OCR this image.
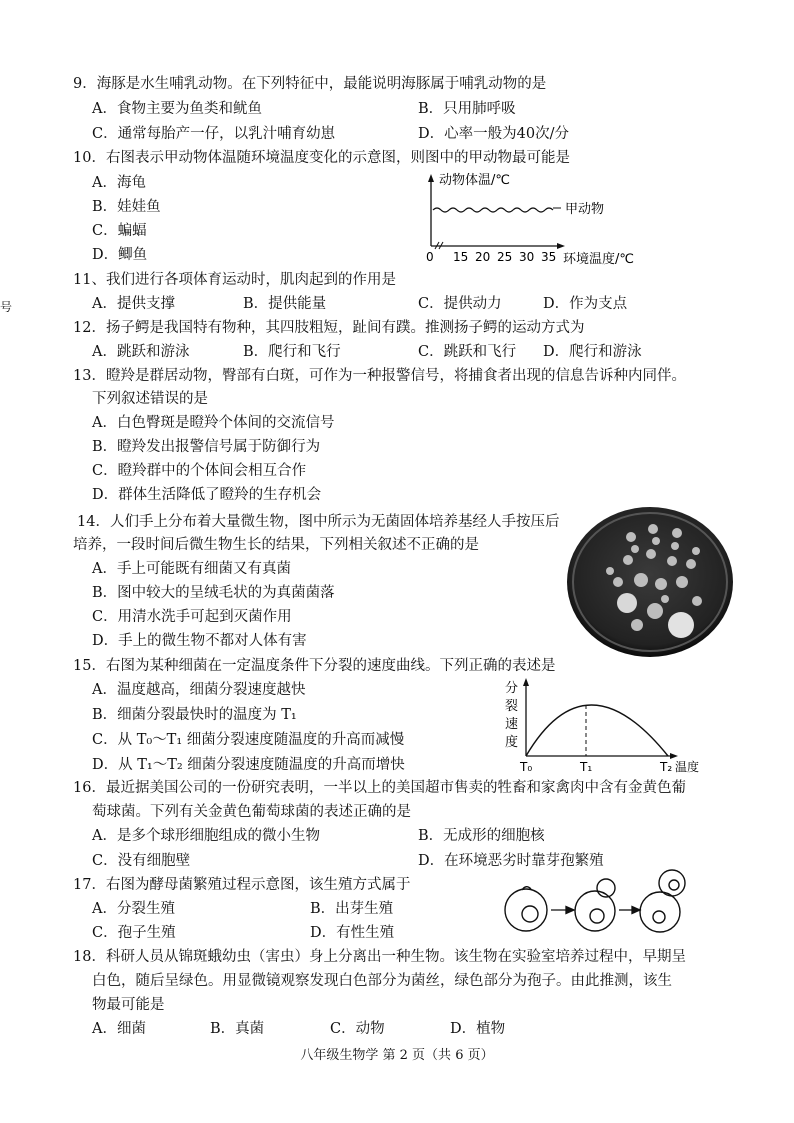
号
9．海豚是水生哺乳动物。在下列特征中，最能说明海豚属于哺乳动物的是
A．食物主要为鱼类和鱿鱼	B．只用肺呼吸
C．通常每胎产一仔，以乳汁哺育幼崽	D．心率一般为40次/分
10．右图表示甲动物体温随环境温度变化的示意图，则图中的甲动物最可能是
A．海龟
B．娃娃鱼
C．蝙蝠
D．鲫鱼
甲动物
动物体温/℃
0 15 20 25 30 35 环境温度/℃
11、我们进行各项体育运动时，肌肉起到的作用是
A．提供支撑	B．提供能量	C．提供动力	D．作为支点
12．扬子鳄是我国特有物种，其四肢粗短，趾间有蹼。推测扬子鳄的运动方式为
A．跳跃和游泳	B．爬行和飞行	C．跳跃和飞行 D．爬行和游泳
13．瞪羚是群居动物，臀部有白斑，可作为一种报警信号，将捕食者出现的信息告诉种内同伴。
下列叙述错误的是
A．白色臀斑是瞪羚个体间的交流信号
B．瞪羚发出报警信号属于防御行为
C．瞪羚群中的个体间会相互合作
D．群体生活降低了瞪羚的生存机会
14．人们手上分布着大量微生物，图中所示为无菌固体培养基经人手按压后
培养，一段时间后微生物生长的结果，下列相关叙述不正确的是
A．手上可能既有细菌又有真菌
B．图中较大的呈绒毛状的为真菌菌落
C．用清水洗手可起到灭菌作用
D．手上的微生物不都对人体有害
15．右图为某种细菌在一定温度条件下分裂的速度曲线。下列正确的表述是
A．温度越高，细菌分裂速度越快
B．细菌分裂最快时的温度为 T₁
C．从 T₀～T₁ 细菌分裂速度随温度的升高而减慢
D．从 T₁～T₂ 细菌分裂速度随温度的升高而增快
分
裂
速
度
T₀	T₁	T₂ 温度
16．最近据美国公司的一份研究表明，一半以上的美国超市售卖的牲畜和家禽肉中含有金黄色葡
萄球菌。下列有关金黄色葡萄球菌的表述正确的是
A．是多个球形细胞组成的微小生物	B．无成形的细胞核
C．没有细胞壁	D．在环境恶劣时靠芽孢繁殖
17．右图为酵母菌繁殖过程示意图，该生殖方式属于
A．分裂生殖	B．出芽生殖
C．孢子生殖	D．有性生殖
18．科研人员从锦斑蛾幼虫（害虫）身上分离出一种生物。该生物在实验室培养过程中，早期呈
白色，随后呈绿色。用显微镜观察发现白色部分为菌丝，绿色部分为孢子。由此推测，该生
物最可能是
A．细菌	B．真菌	C．动物	D．植物
八年级生物学 第 2 页（共 6 页）
